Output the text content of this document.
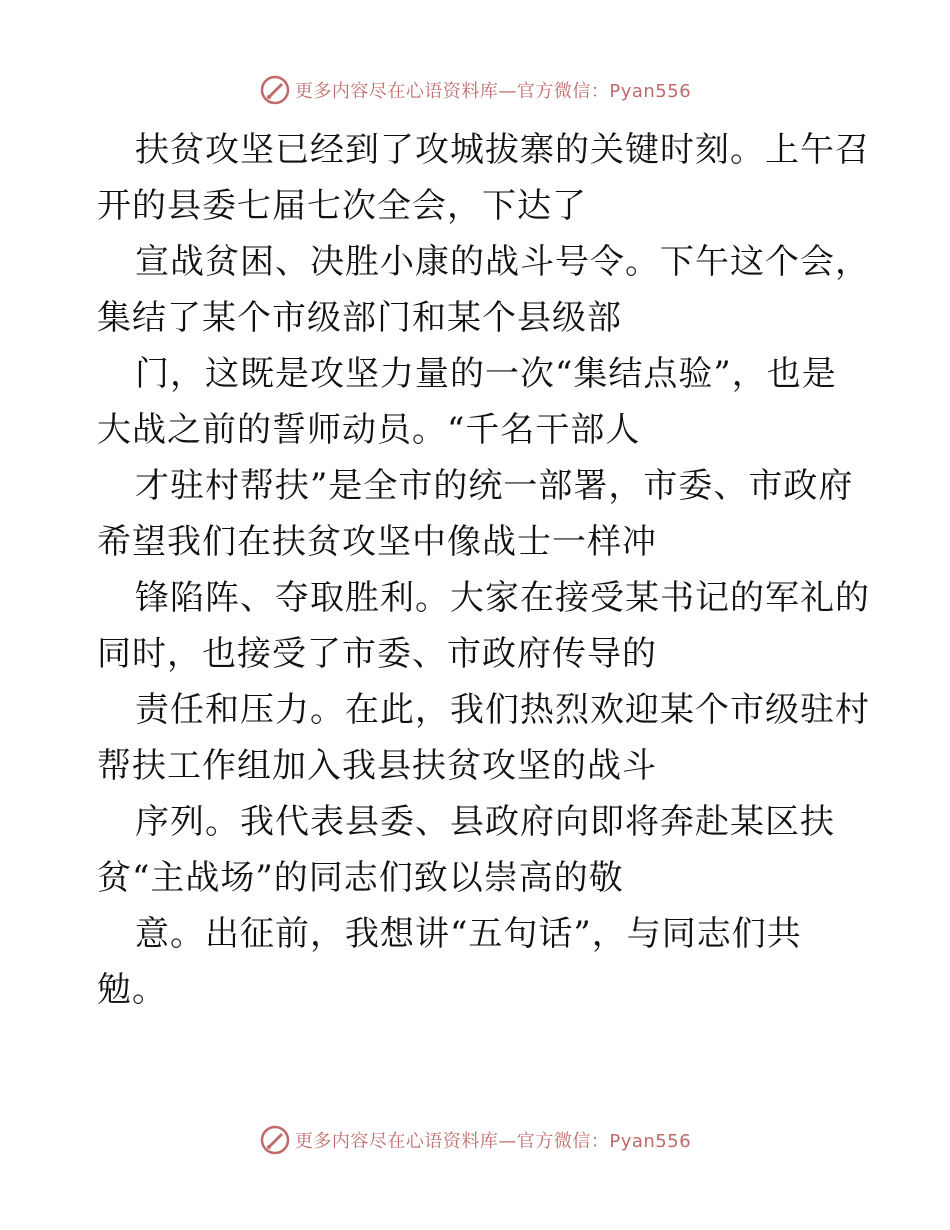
更多内容尽在心语资料库—官方微信：Pyan556
扶贫攻坚已经到了攻城拔寨的关键时刻。上午召
开的县委七届七次全会，下达了
宣战贫困、决胜小康的战斗号令。下午这个会，
集结了某个市级部门和某个县级部
门，这既是攻坚力量的一次“集结点验”，也是
大战之前的誓师动员。“千名干部人
才驻村帮扶”是全市的统一部署，市委、市政府
希望我们在扶贫攻坚中像战士一样冲
锋陷阵、夺取胜利。大家在接受某书记的军礼的
同时，也接受了市委、市政府传导的
责任和压力。在此，我们热烈欢迎某个市级驻村
帮扶工作组加入我县扶贫攻坚的战斗
序列。我代表县委、县政府向即将奔赴某区扶
贫“主战场”的同志们致以崇高的敬
意。出征前，我想讲“五句话”，与同志们共
勉。
更多内容尽在心语资料库—官方微信：Pyan556
